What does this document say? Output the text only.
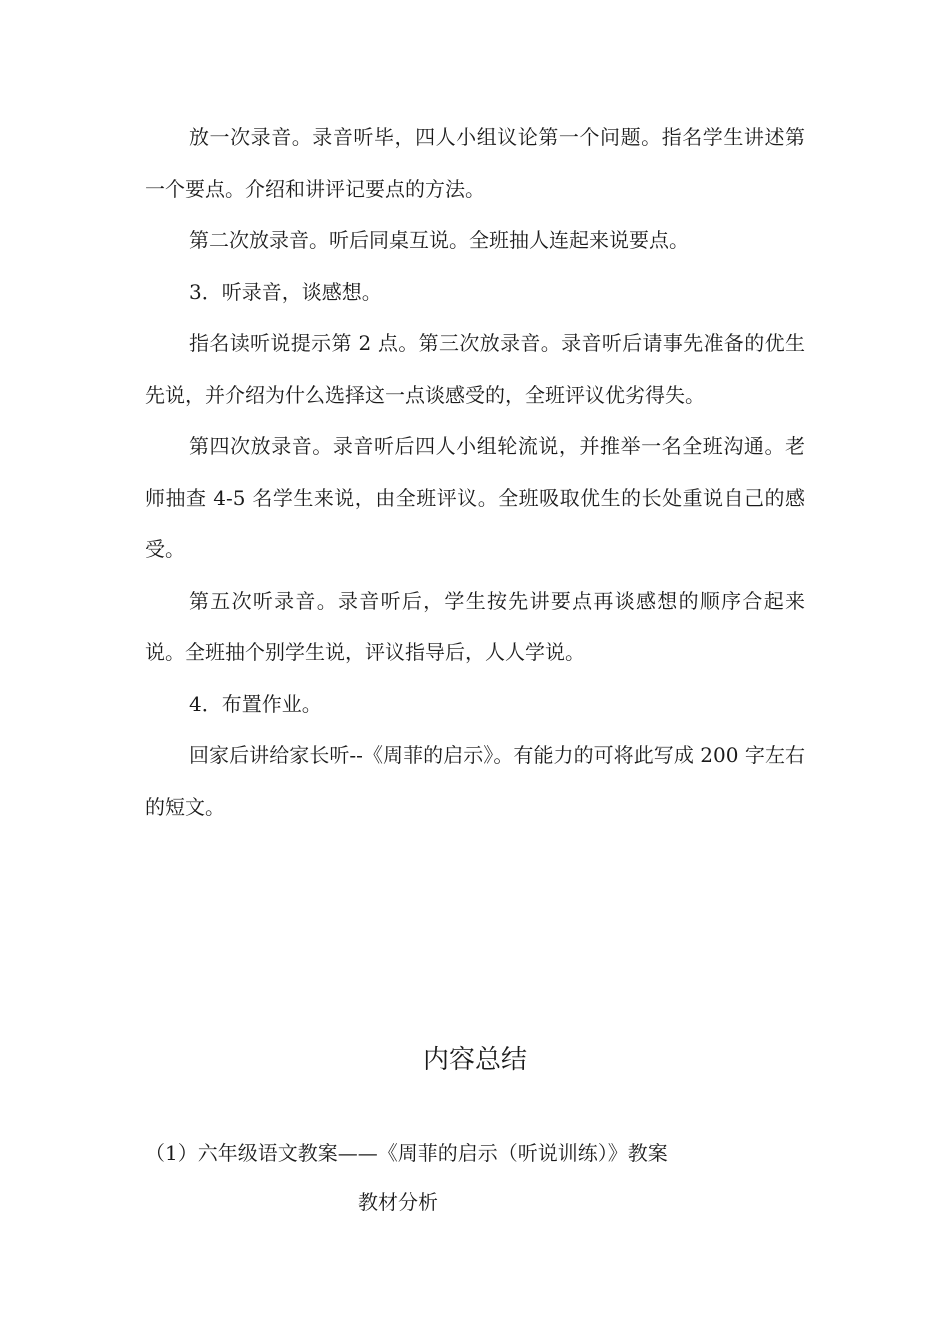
放一次录音。录音听毕，四人小组议论第一个问题。指名学生讲述第一个要点。介绍和讲评记要点的方法。

第二次放录音。听后同桌互说。全班抽人连起来说要点。

3．听录音，谈感想。

指名读听说提示第 2 点。第三次放录音。录音听后请事先准备的优生先说，并介绍为什么选择这一点谈感受的，全班评议优劣得失。

第四次放录音。录音听后四人小组轮流说，并推举一名全班沟通。老师抽查 4-5 名学生来说，由全班评议。全班吸取优生的长处重说自己的感受。

第五次听录音。录音听后，学生按先讲要点再谈感想的顺序合起来说。全班抽个别学生说，评议指导后，人人学说。

4．布置作业。

回家后讲给家长听--《周菲的启示》。有能力的可将此写成 200 字左右的短文。

内容总结
（1）六年级语文教案——《周菲的启示（听说训练）》教案
教材分析
